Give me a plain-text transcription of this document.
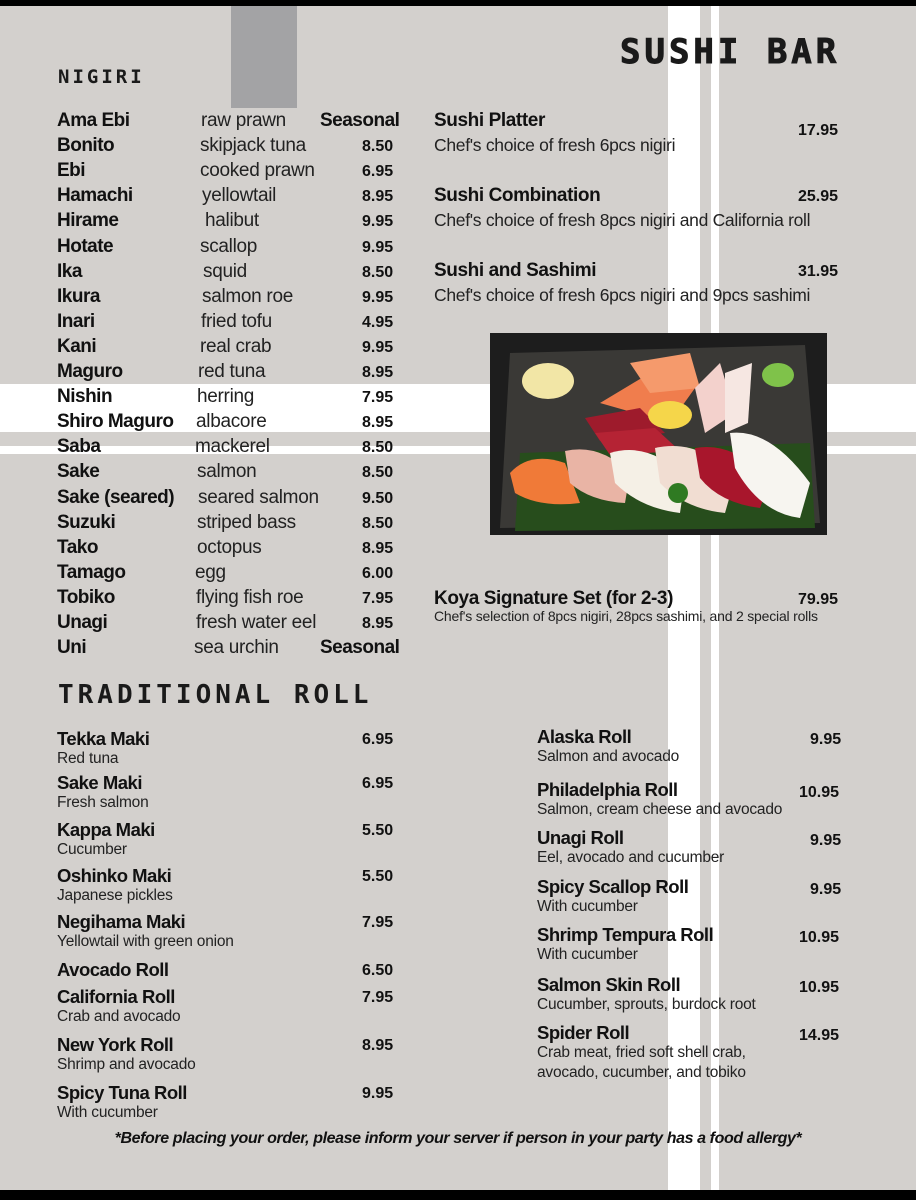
SUSHI BAR
NIGIRI
Ama Ebi	raw prawn Seasonal
Bonito	skipjack tuna	8.50
Ebi	cooked prawn	6.95
Hamachi	yellowtail	8.95
Hirame	halibut	9.95
Hotate	scallop	9.95
Ika	squid	8.50
Ikura	salmon roe	9.95
Inari	fried tofu	4.95
Kani	real crab	9.95
Maguro	red tuna	8.95
Nishin	herring	7.95
Shiro Maguro albacore	8.95
Saba	mackerel	8.50
Sake	salmon	8.50
Sake (seared) seared salmon	9.50
Suzuki	striped bass	8.50
Tako	octopus	8.95
Tamago	egg	6.00
Tobiko	flying fish roe	7.95
Unagi	fresh water eel	8.95
Uni	sea urchin Seasonal
Sushi Platter	17.95
Chef's choice of fresh 6pcs nigiri
Sushi Combination	25.95
Chef's choice of fresh 8pcs nigiri and California roll
Sushi and Sashimi	31.95
Chef's choice of fresh 6pcs nigiri and 9pcs sashimi
Koya Signature Set (for 2-3)	79.95
Chef's selection of 8pcs nigiri, 28pcs sashimi, and 2 special rolls
TRADITIONAL ROLL
Tekka Maki	6.95
Red tuna
Sake Maki	6.95
Fresh salmon
Kappa Maki	5.50
Cucumber
Oshinko Maki	5.50
Japanese pickles
Negihama Maki	7.95
Yellowtail with green onion
Avocado Roll	6.50
California Roll	7.95
Crab and avocado
New York Roll	8.95
Shrimp and avocado
Spicy Tuna Roll	9.95
With cucumber
Alaska Roll	9.95
Salmon and avocado
Philadelphia Roll	10.95
Salmon, cream cheese and avocado
Unagi Roll	9.95
Eel, avocado and cucumber
Spicy Scallop Roll	9.95
With cucumber
Shrimp Tempura Roll	10.95
With cucumber
Salmon Skin Roll	10.95
Cucumber, sprouts, burdock root
Spider Roll	14.95
Crab meat, fried soft shell crab,
avocado, cucumber, and tobiko
*Before placing your order, please inform your server if person in your party has a food allergy*
